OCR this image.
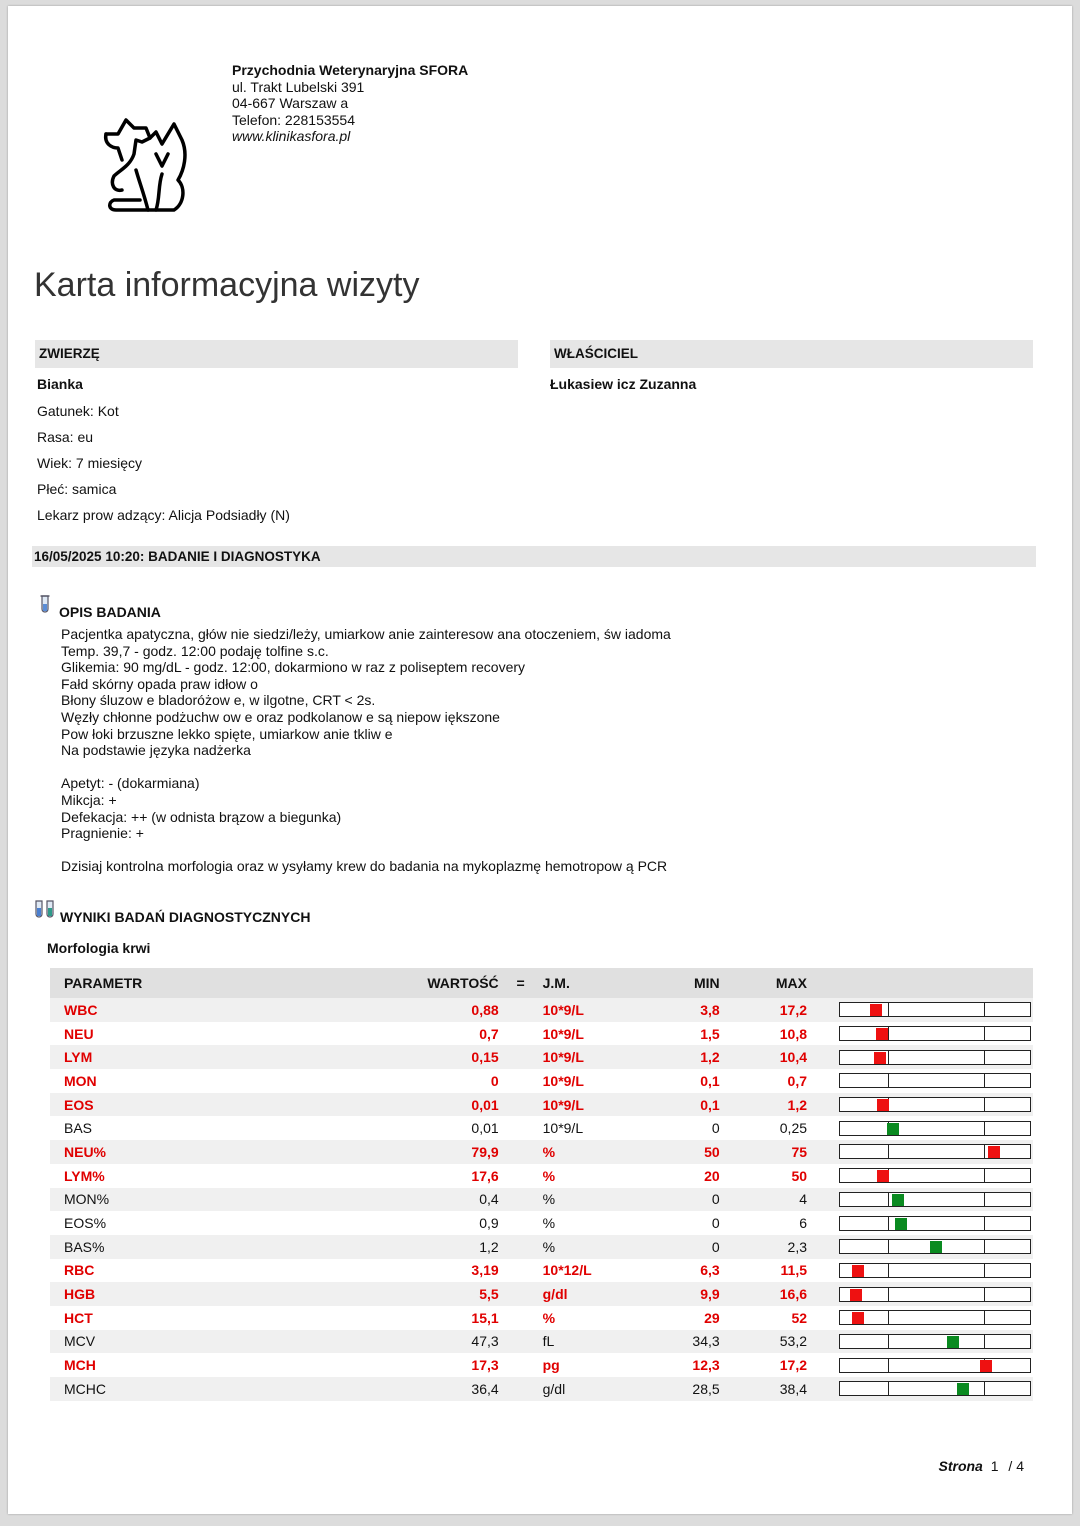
Przychodnia Weterynaryjna SFORA
ul. Trakt Lubelski 391
04-667 Warszaw a
Telefon: 228153554
www.klinikasfora.pl
Karta informacyjna wizyty
ZWIERZĘ	WŁAŚCICIEL
Bianka	Łukasiew icz Zuzanna
Gatunek: Kot
Rasa: eu
Wiek: 7 miesięcy
Płeć: samica
Lekarz prow adzący: Alicja Podsiadły (N)
16/05/2025 10:20: BADANIE I DIAGNOSTYKA
OPIS BADANIA
Pacjentka apatyczna, głów nie siedzi/leży, umiarkow anie zainteresow ana otoczeniem, św iadoma
Temp. 39,7 - godz. 12:00 podaję tolfine s.c.
Glikemia: 90 mg/dL - godz. 12:00, dokarmiono w raz z poliseptem recovery
Fałd skórny opada praw idłow o
Błony śluzow e bladoróżow e, w ilgotne, CRT < 2s.
Węzły chłonne podżuchw ow e oraz podkolanow e są niepow iększone
Pow łoki brzuszne lekko spięte, umiarkow anie tkliw e
Na podstawie języka nadżerka
Apetyt: - (dokarmiana)
Mikcja: +
Defekacja: ++ (w odnista brązow a biegunka)
Pragnienie: +
Dzisiaj kontrolna morfologia oraz w ysyłamy krew do badania na mykoplazmę hemotropow ą PCR
WYNIKI BADAŃ DIAGNOSTYCZNYCH
Morfologia krwi
PARAMETR	WARTOŚĆ	=	J.M.	MIN	MAX	
WBC	0,88		10*9/L	3,8	17,2	

NEU	0,7		10*9/L	1,5	10,8	

LYM	0,15		10*9/L	1,2	10,4	

MON	0		10*9/L	0,1	0,7	

EOS	0,01		10*9/L	0,1	1,2	

BAS	0,01		10*9/L	0	0,25	

NEU%	79,9		%	50	75	

LYM%	17,6		%	20	50	

MON%	0,4		%	0	4	

EOS%	0,9		%	0	6	

BAS%	1,2		%	0	2,3	

RBC	3,19		10*12/L	6,3	11,5	

HGB	5,5		g/dl	9,9	16,6	

HCT	15,1		%	29	52	

MCV	47,3		fL	34,3	53,2	

MCH	17,3		pg	12,3	17,2	

MCHC	36,4		g/dl	28,5	38,4	
Strona 1 / 4
